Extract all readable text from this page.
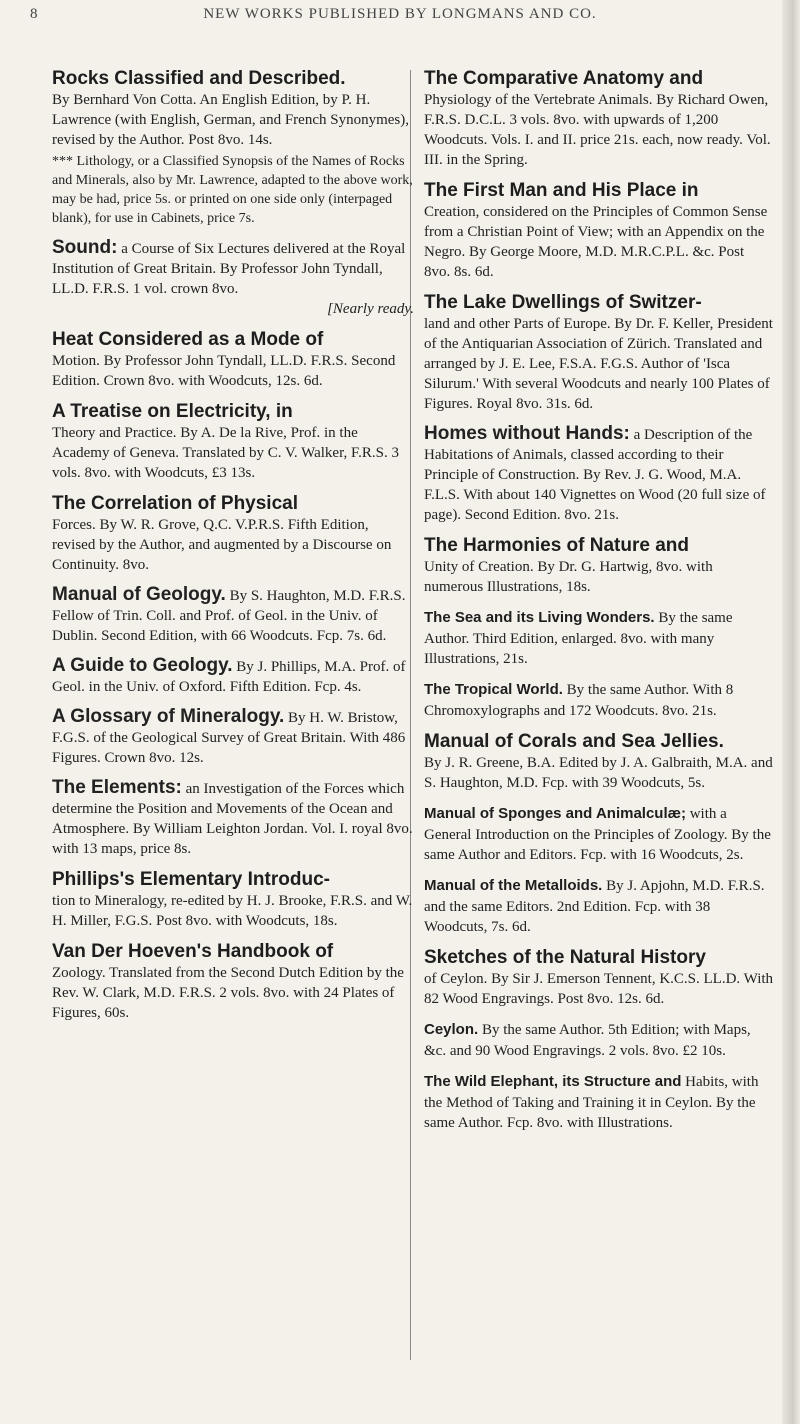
8	NEW WORKS PUBLISHED BY LONGMANS AND CO.
Rocks Classified and Described.
By Bernhard Von Cotta. An English Edition, by P. H. Lawrence (with English, German, and French Synonymes), revised by the Author. Post 8vo. 14s.
*** Lithology, or a Classified Synopsis of the Names of Rocks and Minerals, also by Mr. Lawrence, adapted to the above work, may be had, price 5s. or printed on one side only (interpaged blank), for use in Cabinets, price 7s.
Sound: a Course of Six Lectures delivered at the Royal Institution of Great Britain. By Professor John Tyndall, LL.D. F.R.S. 1 vol. crown 8vo.
[Nearly ready.
Heat Considered as a Mode of
Motion. By Professor John Tyndall, LL.D. F.R.S. Second Edition. Crown 8vo. with Woodcuts, 12s. 6d.
A Treatise on Electricity, in
Theory and Practice. By A. De la Rive, Prof. in the Academy of Geneva. Translated by C. V. Walker, F.R.S. 3 vols. 8vo. with Woodcuts, £3 13s.
The Correlation of Physical
Forces. By W. R. Grove, Q.C. V.P.R.S. Fifth Edition, revised by the Author, and augmented by a Discourse on Continuity. 8vo.
Manual of Geology. By S. Haughton, M.D. F.R.S. Fellow of Trin. Coll. and Prof. of Geol. in the Univ. of Dublin. Second Edition, with 66 Woodcuts. Fcp. 7s. 6d.
A Guide to Geology. By J. Phillips, M.A. Prof. of Geol. in the Univ. of Oxford. Fifth Edition. Fcp. 4s.
A Glossary of Mineralogy. By H. W. Bristow, F.G.S. of the Geological Survey of Great Britain. With 486 Figures. Crown 8vo. 12s.
The Elements: an Investigation of the Forces which determine the Position and Movements of the Ocean and Atmosphere. By William Leighton Jordan. Vol. I. royal 8vo. with 13 maps, price 8s.
Phillips's Elementary Introduc-
tion to Mineralogy, re-edited by H. J. Brooke, F.R.S. and W. H. Miller, F.G.S. Post 8vo. with Woodcuts, 18s.
Van Der Hoeven's Handbook of
Zoology. Translated from the Second Dutch Edition by the Rev. W. Clark, M.D. F.R.S. 2 vols. 8vo. with 24 Plates of Figures, 60s.
The Comparative Anatomy and
Physiology of the Vertebrate Animals. By Richard Owen, F.R.S. D.C.L. 3 vols. 8vo. with upwards of 1,200 Woodcuts. Vols. I. and II. price 21s. each, now ready. Vol. III. in the Spring.
The First Man and His Place in
Creation, considered on the Principles of Common Sense from a Christian Point of View; with an Appendix on the Negro. By George Moore, M.D. M.R.C.P.L. &c. Post 8vo. 8s. 6d.
The Lake Dwellings of Switzer-
land and other Parts of Europe. By Dr. F. Keller, President of the Antiquarian Association of Zürich. Translated and arranged by J. E. Lee, F.S.A. F.G.S. Author of 'Isca Silurum.' With several Woodcuts and nearly 100 Plates of Figures. Royal 8vo. 31s. 6d.
Homes without Hands: a Description of the Habitations of Animals, classed according to their Principle of Construction. By Rev. J. G. Wood, M.A. F.L.S. With about 140 Vignettes on Wood (20 full size of page). Second Edition. 8vo. 21s.
The Harmonies of Nature and
Unity of Creation. By Dr. G. Hartwig, 8vo. with numerous Illustrations, 18s.
The Sea and its Living Wonders. By the same Author. Third Edition, enlarged. 8vo. with many Illustrations, 21s.
The Tropical World. By the same Author. With 8 Chromoxylographs and 172 Woodcuts. 8vo. 21s.
Manual of Corals and Sea Jellies.
By J. R. Greene, B.A. Edited by J. A. Galbraith, M.A. and S. Haughton, M.D. Fcp. with 39 Woodcuts, 5s.
Manual of Sponges and Animalculæ; with a General Introduction on the Principles of Zoology. By the same Author and Editors. Fcp. with 16 Woodcuts, 2s.
Manual of the Metalloids. By J. Apjohn, M.D. F.R.S. and the same Editors. 2nd Edition. Fcp. with 38 Woodcuts, 7s. 6d.
Sketches of the Natural History
of Ceylon. By Sir J. Emerson Tennent, K.C.S. LL.D. With 82 Wood Engravings. Post 8vo. 12s. 6d.
Ceylon. By the same Author. 5th Edition; with Maps, &c. and 90 Wood Engravings. 2 vols. 8vo. £2 10s.
The Wild Elephant, its Structure and Habits, with the Method of Taking and Training it in Ceylon. By the same Author. Fcp. 8vo. with Illustrations.
